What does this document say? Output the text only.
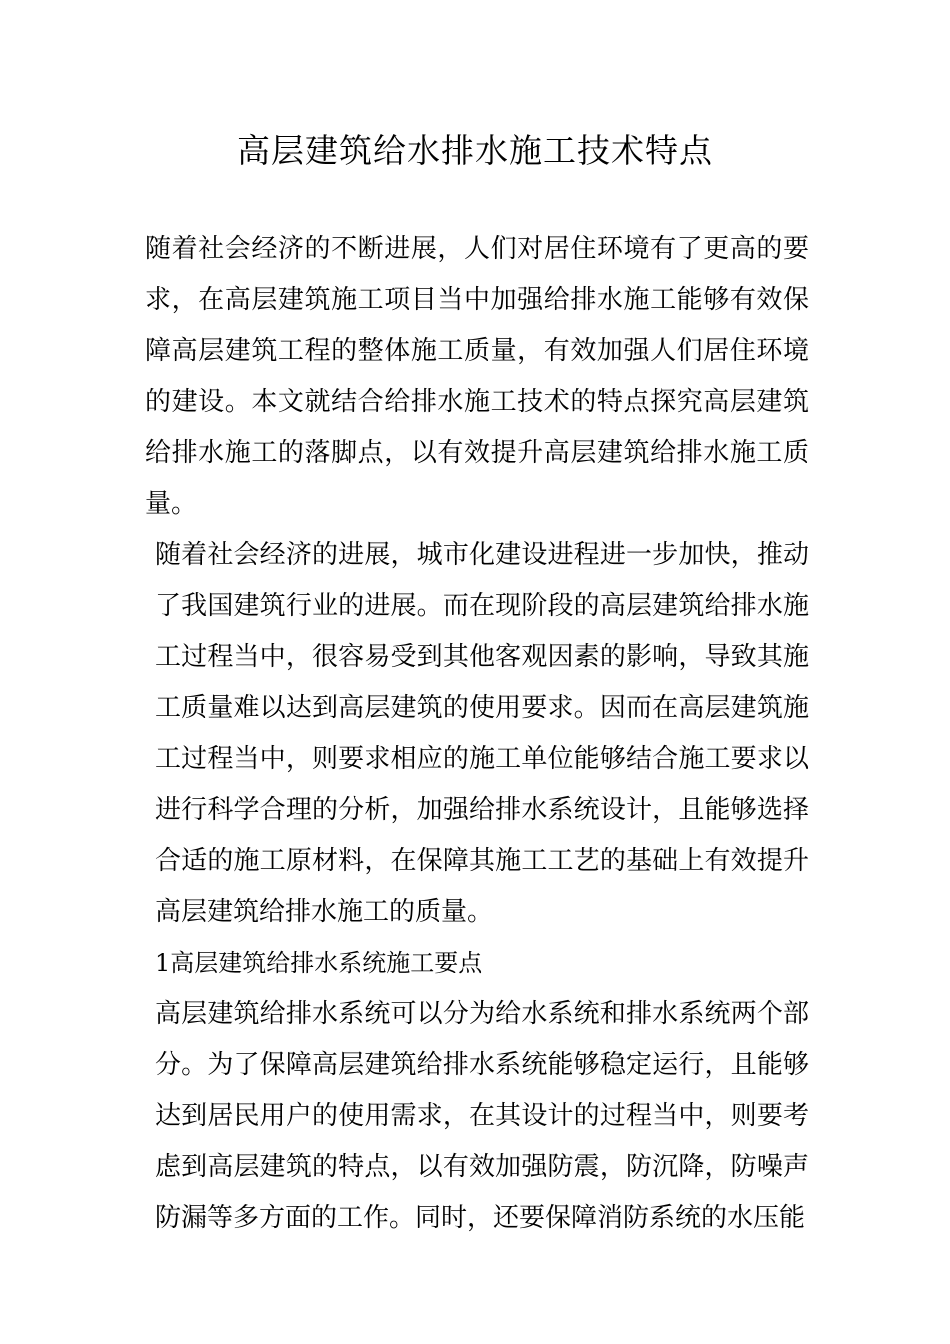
高层建筑给水排水施工技术特点

随着社会经济的不断进展，人们对居住环境有了更高的要求，在高层建筑施工项目当中加强给排水施工能够有效保障高层建筑工程的整体施工质量，有效加强人们居住环境的建设。本文就结合给排水施工技术的特点探究高层建筑给排水施工的落脚点，以有效提升高层建筑给排水施工质量。

随着社会经济的进展，城市化建设进程进一步加快，推动了我国建筑行业的进展。而在现阶段的高层建筑给排水施工过程当中，很容易受到其他客观因素的影响，导致其施工质量难以达到高层建筑的使用要求。因而在高层建筑施工过程当中，则要求相应的施工单位能够结合施工要求以进行科学合理的分析，加强给排水系统设计，且能够选择合适的施工原材料，在保障其施工工艺的基础上有效提升高层建筑给排水施工的质量。

1高层建筑给排水系统施工要点

高层建筑给排水系统可以分为给水系统和排水系统两个部分。为了保障高层建筑给排水系统能够稳定运行，且能够达到居民用户的使用需求，在其设计的过程当中，则要考虑到高层建筑的特点，以有效加强防震，防沉降，防噪声防漏等多方面的工作。同时，还要保障消防系统的水压能
